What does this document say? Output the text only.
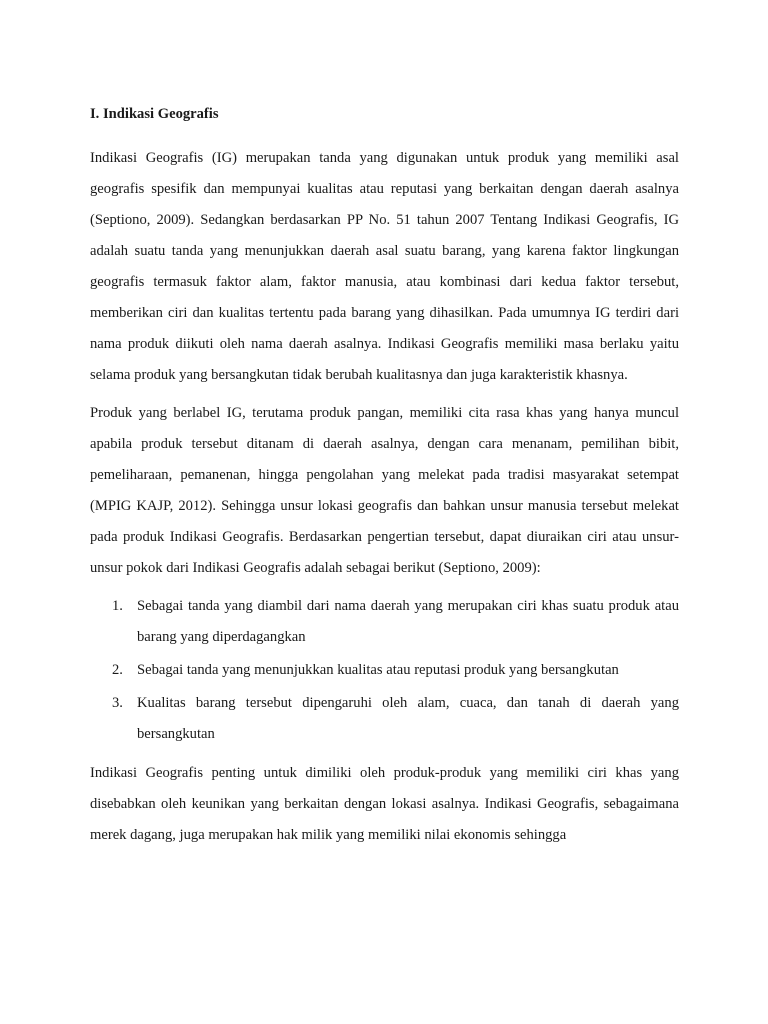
I. Indikasi Geografis

Indikasi Geografis (IG) merupakan tanda yang digunakan untuk produk yang memiliki asal geografis spesifik dan mempunyai kualitas atau reputasi yang berkaitan dengan daerah asalnya (Septiono, 2009). Sedangkan berdasarkan PP No. 51 tahun 2007 Tentang Indikasi Geografis, IG adalah suatu tanda yang menunjukkan daerah asal suatu barang, yang karena faktor lingkungan geografis termasuk faktor alam, faktor manusia, atau kombinasi dari kedua faktor tersebut, memberikan ciri dan kualitas tertentu pada barang yang dihasilkan. Pada umumnya IG terdiri dari nama produk diikuti oleh nama daerah asalnya. Indikasi Geografis memiliki masa berlaku yaitu selama produk yang bersangkutan tidak berubah kualitasnya dan juga karakteristik khasnya.

Produk yang berlabel IG, terutama produk pangan, memiliki cita rasa khas yang hanya muncul apabila produk tersebut ditanam di daerah asalnya, dengan cara menanam, pemilihan bibit, pemeliharaan, pemanenan, hingga pengolahan yang melekat pada tradisi masyarakat setempat (MPIG KAJP, 2012). Sehingga unsur lokasi geografis dan bahkan unsur manusia tersebut melekat pada produk Indikasi Geografis. Berdasarkan pengertian tersebut, dapat diuraikan ciri atau unsur-unsur pokok dari Indikasi Geografis adalah sebagai berikut (Septiono, 2009):

1. Sebagai tanda yang diambil dari nama daerah yang merupakan ciri khas suatu produk atau barang yang diperdagangkan
2. Sebagai tanda yang menunjukkan kualitas atau reputasi produk yang bersangkutan
3. Kualitas barang tersebut dipengaruhi oleh alam, cuaca, dan tanah di daerah yang bersangkutan

Indikasi Geografis penting untuk dimiliki oleh produk-produk yang memiliki ciri khas yang disebabkan oleh keunikan yang berkaitan dengan lokasi asalnya. Indikasi Geografis, sebagaimana merek dagang, juga merupakan hak milik yang memiliki nilai ekonomis sehingga
